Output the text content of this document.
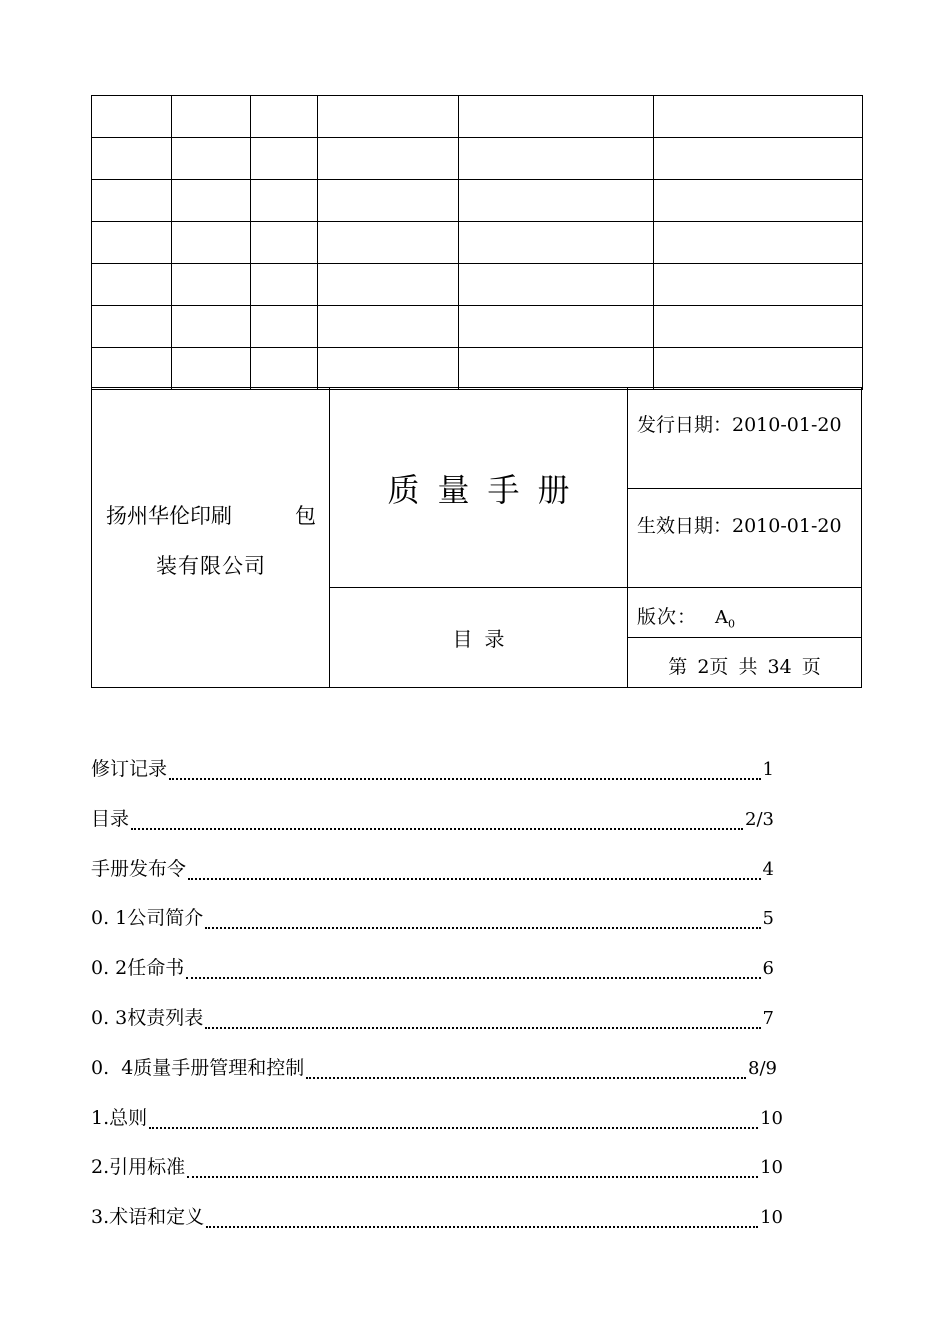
扬州华伦印刷	包
装有限公司
质量手册
目录
发行日期：2010-01-20
生效日期：2010-01-20
版次： $A_0$
第 2页 共 34 页
修订记录	1
目录	2/3
手册发布令	4
0. 1公司简介	5
0. 2任命书	6
0. 3权责列表	7
0.  4质量手册管理和控制	8/9
1.总则	10
2.引用标准	10
3.术语和定义	10
